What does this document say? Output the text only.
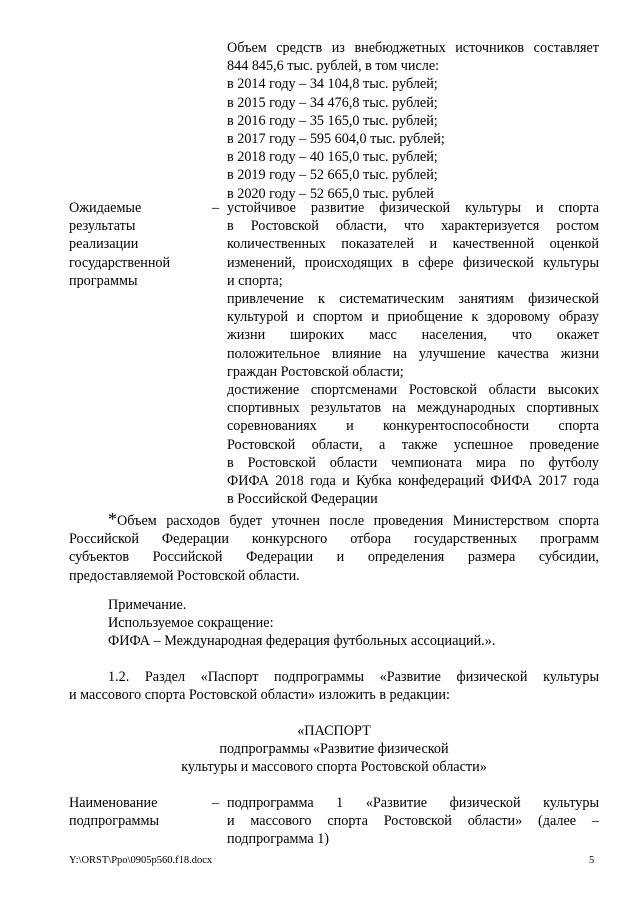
Объем средств из внебюджетных источников составляет
844 845,6 тыс. рублей, в том числе:
в 2014 году – 34 104,8 тыс. рублей;
в 2015 году – 34 476,8 тыс. рублей;
в 2016 году – 35 165,0 тыс. рублей;
в 2017 году – 595 604,0 тыс. рублей;
в 2018 году – 40 165,0 тыс. рублей;
в 2019 году – 52 665,0 тыс. рублей;
в 2020 году – 52 665,0 тыс. рублей
Ожидаемые
результаты
реализации
государственной
программы
– устойчивое развитие физической культуры и спорта
в Ростовской области, что характеризуется ростом
количественных показателей и качественной оценкой
изменений, происходящих в сфере физической культуры
и спорта;
привлечение к систематическим занятиям физической
культурой и спортом и приобщение к здоровому образу
жизни широких масс населения, что окажет
положительное влияние на улучшение качества жизни
граждан Ростовской области;
достижение спортсменами Ростовской области высоких
спортивных результатов на международных спортивных
соревнованиях и конкурентоспособности спорта
Ростовской области, а также успешное проведение
в Ростовской области чемпионата мира по футболу
ФИФА 2018 года и Кубка конфедераций ФИФА 2017 года
в Российской Федерации
*Объем расходов будет уточнен после проведения Министерством спорта
Российской Федерации конкурсного отбора государственных программ
субъектов Российской Федерации и определения размера субсидии,
предоставляемой Ростовской области.
Примечание.
Используемое сокращение:
ФИФА – Международная федерация футбольных ассоциаций.».
1.2. Раздел «Паспорт подпрограммы «Развитие физической культуры
и массового спорта Ростовской области» изложить в редакции:
«ПАСПОРТ
подпрограммы «Развитие физической
культуры и массового спорта Ростовской области»
Наименование
подпрограммы
– подпрограмма 1 «Развитие физической культуры
и массового спорта Ростовской области» (далее –
подпрограмма 1)
Y:\ORST\Ppo\0905p560.f18.docx	5
